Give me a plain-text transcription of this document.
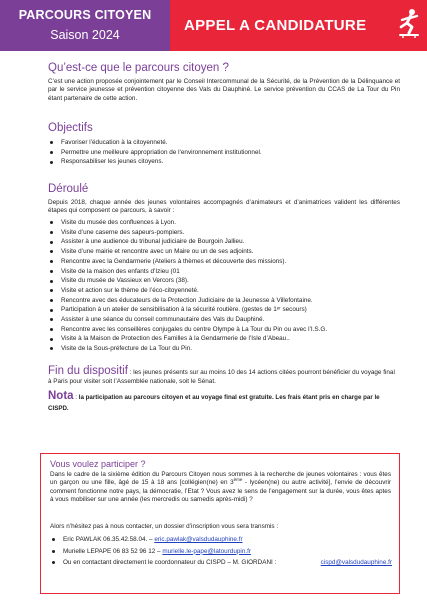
PARCOURS CITOYEN
Saison 2024
APPEL A CANDIDATURE
Qu’est-ce que le parcours citoyen ?
C’est une action proposée conjointement par le Conseil Intercommunal de la Sécurité, de la Prévention de la Délinquance et par le service jeunesse et prévention citoyenne des Vals du Dauphiné. Le service prévention du CCAS de La Tour du Pin étant partenaire de cette action.
Objectifs
Favoriser l’éducation à la citoyenneté.
Permettre une meilleure appropriation de l’environnement institutionnel.
Responsabiliser les jeunes citoyens.
Déroulé
Depuis 2018, chaque année des jeunes volontaires accompagnés d’animateurs et d’animatrices valident les différentes étapes qui composent ce parcours, à savoir :
Visite du musée des confluences à Lyon.
Visite d’une caserne des sapeurs-pompiers.
Assister à une audience du tribunal judiciaire de Bourgoin Jallieu.
Visite d’une mairie et rencontre avec un Maire ou un de ses adjoints.
Rencontre avec la Gendarmerie (Ateliers à thèmes et découverte des missions).
Visite de la maison des enfants d’Izieu (01
Visite du musée de Vassieux en Vercors (38).
Visite et action sur le thème de l’éco-citoyenneté.
Rencontre avec des éducateurs de la Protection Judiciaire de la Jeunesse à Villefontaine.
Participation à un atelier de sensibilisation à la sécurité routière. (gestes de 1ᵉʳ secours)
Assister à une séance du conseil communautaire des Vals du Dauphiné.
Rencontre avec les conseillères conjugales du centre Olympe à La Tour du Pin ou avec l’I.S.G.
Visite à la Maison de Protection des Familles à la Gendarmerie de l’Isle d’Abeau..
Visite de la Sous-préfecture de La Tour du Pin.
Fin du dispositif : les jeunes présents sur au moins 10 des 14 actions citées pourront bénéficier du voyage final à Paris pour visiter soit l’Assemblée nationale, soit le Sénat.
Nota : la participation au parcours citoyen et au voyage final est gratuite. Les frais étant pris en charge par le CISPD.
Vous voulez participer ?
Dans le cadre de la sixième édition du Parcours Citoyen nous sommes à la recherche de jeunes volontaires : vous êtes un garçon ou une fille, âgé de 15 à 18 ans [collégien(ne) en 3ème - lycéen(ne) ou autre activité], l’envie de découvrir comment fonctionne notre pays, la démocratie, l’Etat ? Vous avez le sens de l’engagement sur la durée, vous êtes aptes à vous mobiliser sur une année (les mercredis ou samedis après-midi) ?
Alors n’hésitez pas à nous contacter, un dossier d’inscription vous sera transmis :
Eric PAWLAK 06.35.42.58.04. – eric.pawlak@valsdudauphine.fr
Murielle LEPAPE 06 83 52 96 12 – murielle.le-pape@latourdupin.fr
Ou en contactant directement le coordonnateur du CISPD – M. GIORDANI :	cispd@valsdudauphine.fr
